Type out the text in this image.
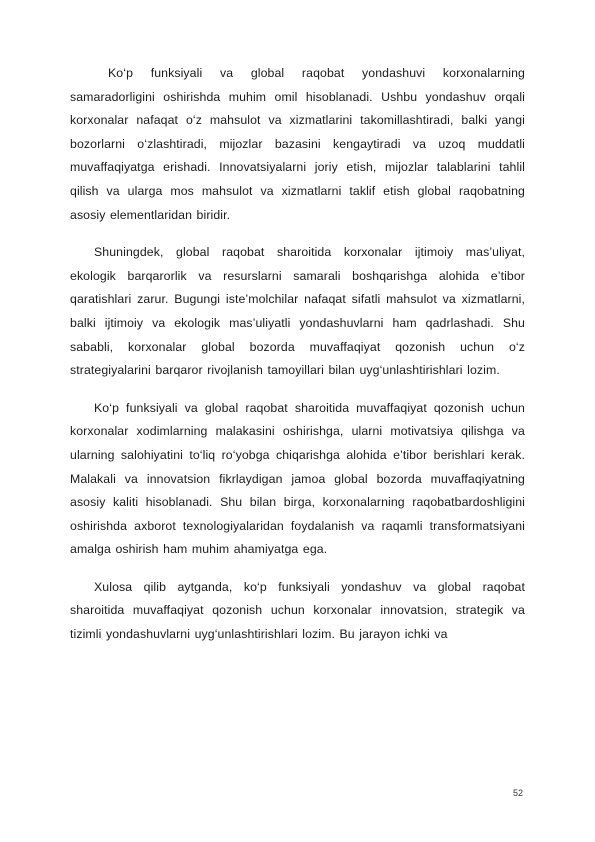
Ko‘p funksiyali va global raqobat yondashuvi korxonalarning samaradorligini oshirishda muhim omil hisoblanadi. Ushbu yondashuv orqali korxonalar nafaqat o‘z mahsulot va xizmatlarini takomillashtiradi, balki yangi bozorlarni o‘zlashtiradi, mijozlar bazasini kengaytiradi va uzoq muddatli muvaffaqiyatga erishadi. Innovatsiyalarni joriy etish, mijozlar talablarini tahlil qilish va ularga mos mahsulot va xizmatlarni taklif etish global raqobatning asosiy elementlaridan biridir.

Shuningdek, global raqobat sharoitida korxonalar ijtimoiy mas’uliyat, ekologik barqarorlik va resurslarni samarali boshqarishga alohida e’tibor qaratishlari zarur. Bugungi iste’molchilar nafaqat sifatli mahsulot va xizmatlarni, balki ijtimoiy va ekologik mas’uliyatli yondashuvlarni ham qadrlashadi. Shu sababli, korxonalar global bozorda muvaffaqiyat qozonish uchun o‘z strategiyalarini barqaror rivojlanish tamoyillari bilan uyg‘unlashtirishlari lozim.

Ko‘p funksiyali va global raqobat sharoitida muvaffaqiyat qozonish uchun korxonalar xodimlarning malakasini oshirishga, ularni motivatsiya qilishga va ularning salohiyatini to‘liq ro‘yobga chiqarishga alohida e’tibor berishlari kerak. Malakali va innovatsion fikrlaydigan jamoa global bozorda muvaffaqiyatning asosiy kaliti hisoblanadi. Shu bilan birga, korxonalarning raqobatbardoshligini oshirishda axborot texnologiyalaridan foydalanish va raqamli transformatsiyani amalga oshirish ham muhim ahamiyatga ega.

Xulosa qilib aytganda, ko‘p funksiyali yondashuv va global raqobat sharoitida muvaffaqiyat qozonish uchun korxonalar innovatsion, strategik va tizimli yondashuvlarni uyg‘unlashtirishlari lozim. Bu jarayon ichki va

52
